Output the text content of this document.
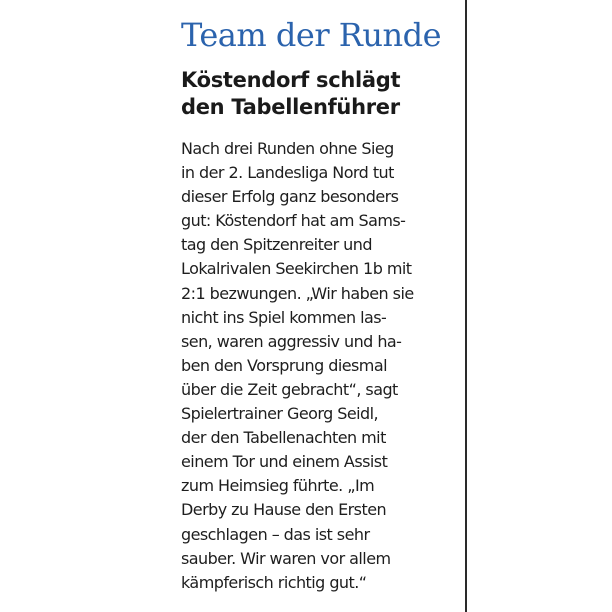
Team der Runde
Köstendorf schlägt
den Tabellenführer
Nach drei Runden ohne Sieg
in der 2. Landesliga Nord tut
dieser Erfolg ganz besonders
gut: Köstendorf hat am Sams-
tag den Spitzenreiter und
Lokalrivalen Seekirchen 1b mit
2:1 bezwungen. „Wir haben sie
nicht ins Spiel kommen las-
sen, waren aggressiv und ha-
ben den Vorsprung diesmal
über die Zeit gebracht“, sagt
Spielertrainer Georg Seidl,
der den Tabellenachten mit
einem Tor und einem Assist
zum Heimsieg führte. „Im
Derby zu Hause den Ersten
geschlagen – das ist sehr
sauber. Wir waren vor allem
kämpferisch richtig gut.“
